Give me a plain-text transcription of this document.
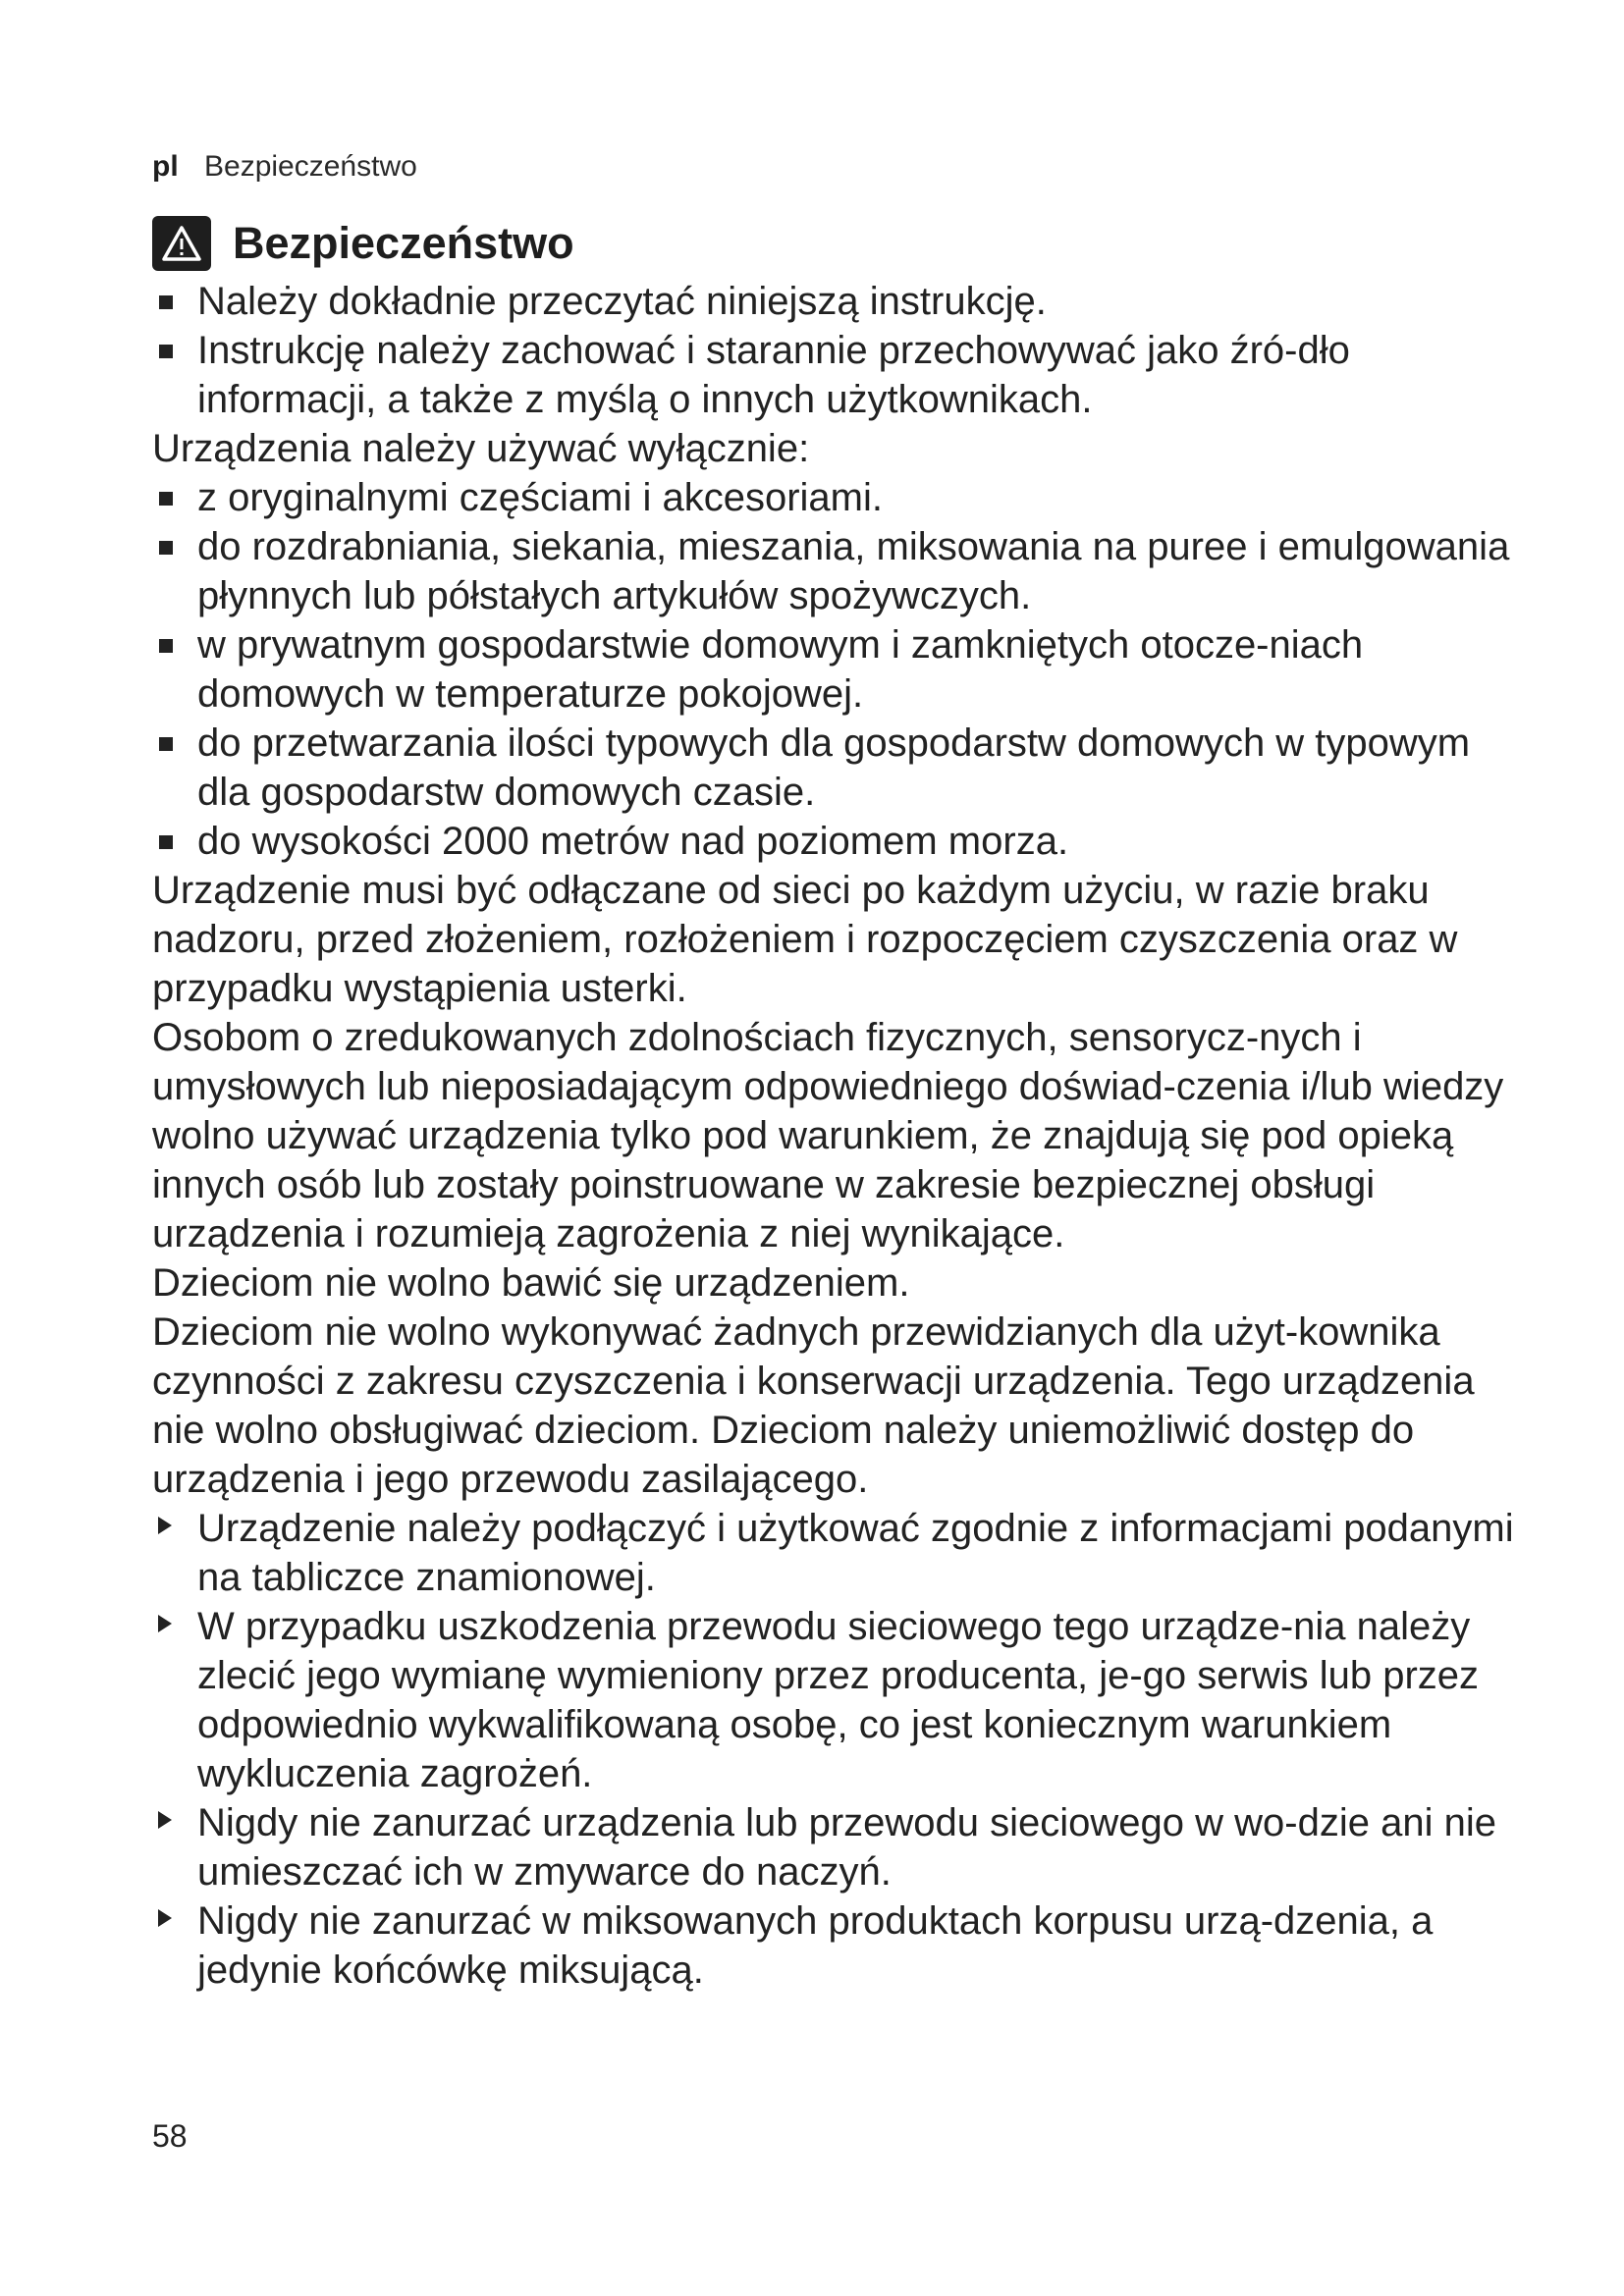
pl Bezpieczeństwo
Bezpieczeństwo

Należy dokładnie przeczytać niniejszą instrukcję.

Instrukcję należy zachować i starannie przechowywać jako źró-dło informacji, a także z myślą o innych użytkownikach.

Urządzenia należy używać wyłącznie:

z oryginalnymi częściami i akcesoriami.

do rozdrabniania, siekania, mieszania, miksowania na puree i emulgowania płynnych lub półstałych artykułów spożywczych.

w prywatnym gospodarstwie domowym i zamkniętych otocze-niach domowych w temperaturze pokojowej.

do przetwarzania ilości typowych dla gospodarstw domowych w typowym dla gospodarstw domowych czasie.

do wysokości 2000 metrów nad poziomem morza.

Urządzenie musi być odłączane od sieci po każdym użyciu, w razie braku nadzoru, przed złożeniem, rozłożeniem i rozpoczęciem czyszczenia oraz w przypadku wystąpienia usterki.

Osobom o zredukowanych zdolnościach fizycznych, sensorycz-nych i umysłowych lub nieposiadającym odpowiedniego doświad-czenia i/lub wiedzy wolno używać urządzenia tylko pod warunkiem, że znajdują się pod opieką innych osób lub zostały poinstruowane w zakresie bezpiecznej obsługi urządzenia i rozumieją zagrożenia z niej wynikające.

Dzieciom nie wolno bawić się urządzeniem.

Dzieciom nie wolno wykonywać żadnych przewidzianych dla użyt-kownika czynności z zakresu czyszczenia i konserwacji urządzenia. Tego urządzenia nie wolno obsługiwać dzieciom. Dzieciom należy uniemożliwić dostęp do urządzenia i jego przewodu zasilającego.

Urządzenie należy podłączyć i użytkować zgodnie z informacjami podanymi na tabliczce znamionowej.

W przypadku uszkodzenia przewodu sieciowego tego urządze-nia należy zlecić jego wymianę wymieniony przez producenta, je-go serwis lub przez odpowiednio wykwalifikowaną osobę, co jest koniecznym warunkiem wykluczenia zagrożeń.

Nigdy nie zanurzać urządzenia lub przewodu sieciowego w wo-dzie ani nie umieszczać ich w zmywarce do naczyń.

Nigdy nie zanurzać w miksowanych produktach korpusu urzą-dzenia, a jedynie końcówkę miksującą.

58
